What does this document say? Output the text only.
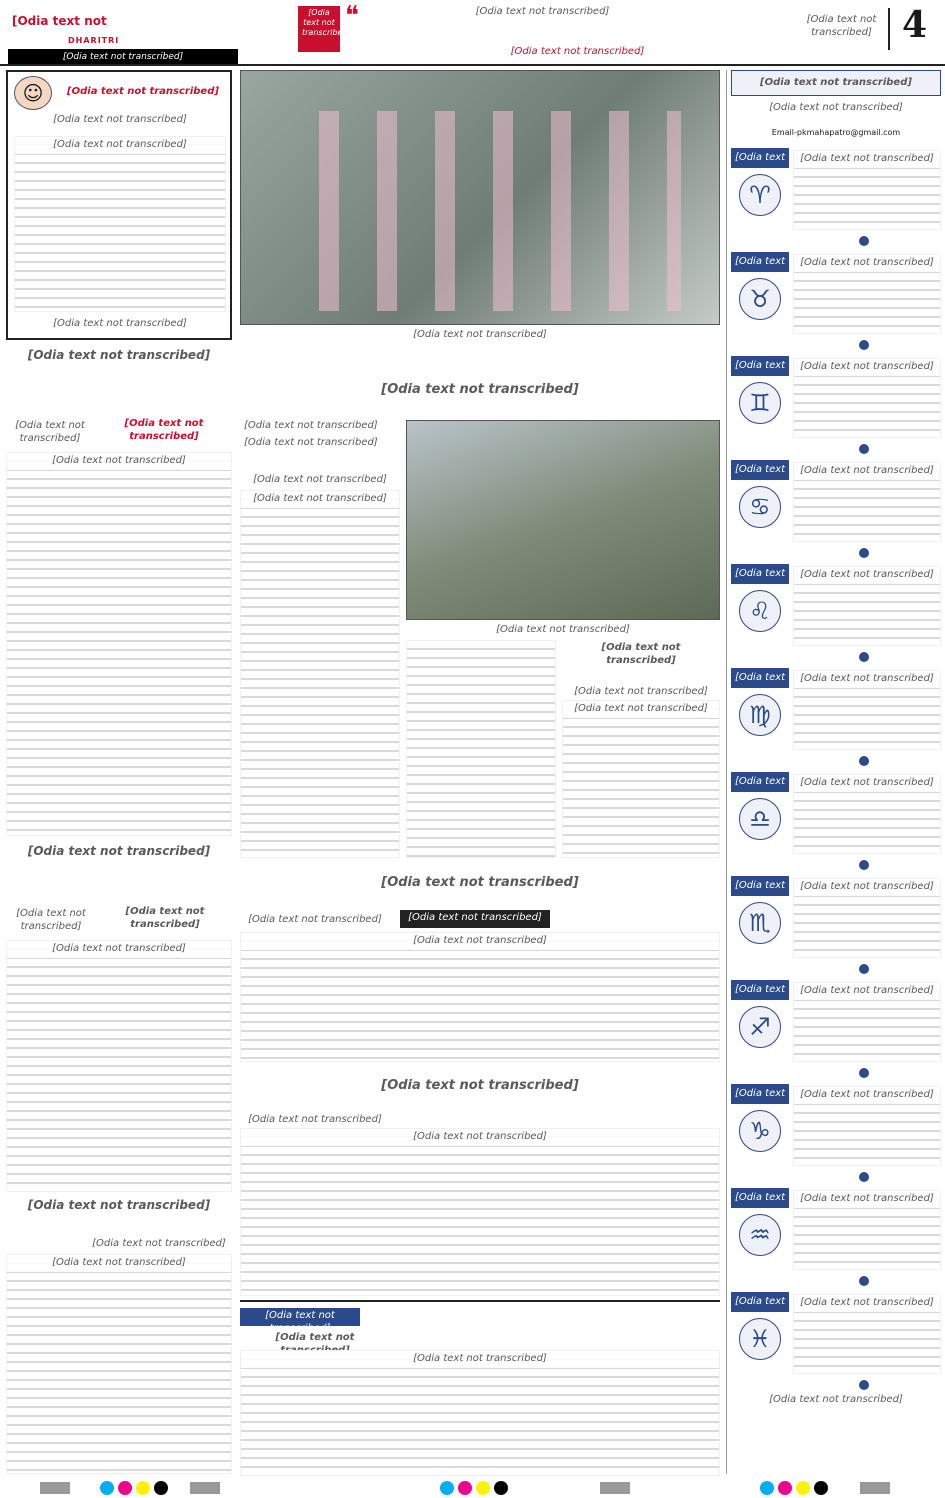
[Odia text not transcribed]
DHARITRI
[Odia text not transcribed]
[Odia text not transcribed]
❝ [Odia text not transcribed]
[Odia text not transcribed] [Odia text not transcribed]	4
☺
[Odia text not transcribed]
[Odia text not transcribed]
[Odia text not transcribed]
[Odia text not transcribed]
[Odia text not transcribed]
[Odia text not transcribed]
[Odia text not transcribed]
[Odia text not transcribed]
[Odia text not transcribed]
[Odia text not transcribed]
[Odia text not transcribed]
[Odia text not transcribed]
[Odia text not transcribed]
[Odia text not transcribed]
[Odia text not transcribed]
[Odia text not transcribed]
[Odia text not transcribed]
[Odia text not transcribed]
[Odia text not transcribed]
[Odia text not transcribed]
[Odia text not transcribed]
[Odia text not transcribed]
[Odia text not transcribed]
[Odia text not transcribed]
[Odia text not transcribed]
[Odia text not transcribed]
[Odia text not transcribed]
[Odia text not transcribed]
[Odia text not transcribed]
[Odia text not transcribed]
[Odia text not transcribed]
[Odia text not transcribed]
[Odia text not transcribed]
[Odia text not transcribed]
[Odia text not transcribed]
[Odia text not transcribed]
[Odia text not transcribed]
Email-pkmahapatro@gmail.com
[Odia text not transcribed]
♈
[Odia text not transcribed]
[Odia text not transcribed]
♉
[Odia text not transcribed]
[Odia text not transcribed]
♊
[Odia text not transcribed]
[Odia text not transcribed]
♋
[Odia text not transcribed]
[Odia text not transcribed]
♌
[Odia text not transcribed]
[Odia text not transcribed]
♍
[Odia text not transcribed]
[Odia text not transcribed]
♎
[Odia text not transcribed]
[Odia text not transcribed]
♏
[Odia text not transcribed]
[Odia text not transcribed]
♐
[Odia text not transcribed]
[Odia text not transcribed]
♑
[Odia text not transcribed]
[Odia text not transcribed]
♒
[Odia text not transcribed]
[Odia text not transcribed]
♓
[Odia text not transcribed]
[Odia text not transcribed]
